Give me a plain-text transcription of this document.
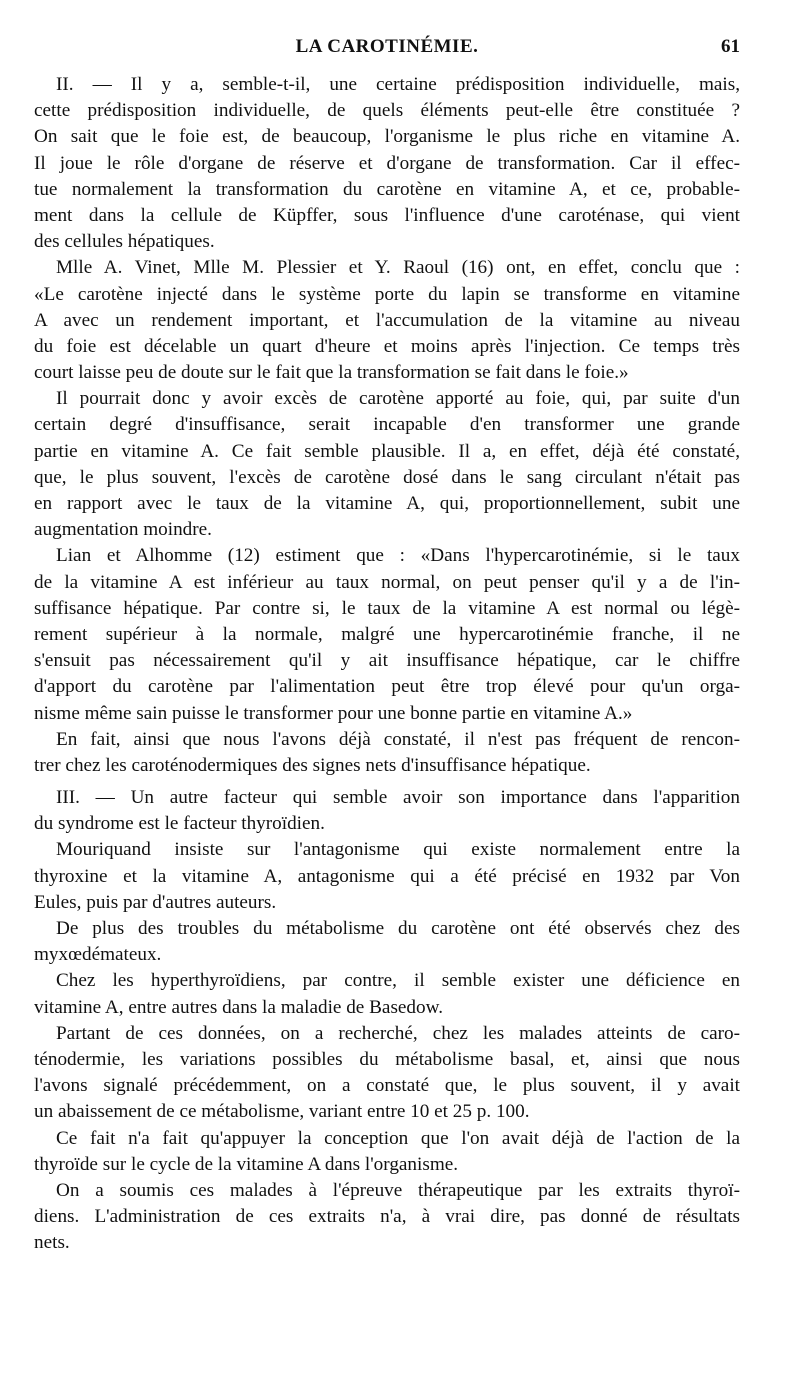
LA CAROTINÉMIE.	61
II. — Il y a, semble-t-il, une certaine prédisposition individuelle, mais,
cette prédisposition individuelle, de quels éléments peut-elle être constituée ?
On sait que le foie est, de beaucoup, l'organisme le plus riche en vitamine A.
Il joue le rôle d'organe de réserve et d'organe de transformation. Car il effec-
tue normalement la transformation du carotène en vitamine A, et ce, probable-
ment dans la cellule de Küpffer, sous l'influence d'une caroténase, qui vient
des cellules hépatiques.
Mlle A. Vinet, Mlle M. Plessier et Y. Raoul (16) ont, en effet, conclu que :
«Le carotène injecté dans le système porte du lapin se transforme en vitamine
A avec un rendement important, et l'accumulation de la vitamine au niveau
du foie est décelable un quart d'heure et moins après l'injection. Ce temps très
court laisse peu de doute sur le fait que la transformation se fait dans le foie.»
Il pourrait donc y avoir excès de carotène apporté au foie, qui, par suite d'un
certain degré d'insuffisance, serait incapable d'en transformer une grande
partie en vitamine A. Ce fait semble plausible. Il a, en effet, déjà été constaté,
que, le plus souvent, l'excès de carotène dosé dans le sang circulant n'était pas
en rapport avec le taux de la vitamine A, qui, proportionnellement, subit une
augmentation moindre.
Lian et Alhomme (12) estiment que : «Dans l'hypercarotinémie, si le taux
de la vitamine A est inférieur au taux normal, on peut penser qu'il y a de l'in-
suffisance hépatique. Par contre si, le taux de la vitamine A est normal ou légè-
rement supérieur à la normale, malgré une hypercarotinémie franche, il ne
s'ensuit pas nécessairement qu'il y ait insuffisance hépatique, car le chiffre
d'apport du carotène par l'alimentation peut être trop élevé pour qu'un orga-
nisme même sain puisse le transformer pour une bonne partie en vitamine A.»
En fait, ainsi que nous l'avons déjà constaté, il n'est pas fréquent de rencon-
trer chez les caroténodermiques des signes nets d'insuffisance hépatique.
III. — Un autre facteur qui semble avoir son importance dans l'apparition
du syndrome est le facteur thyroïdien.
Mouriquand insiste sur l'antagonisme qui existe normalement entre la
thyroxine et la vitamine A, antagonisme qui a été précisé en 1932 par Von
Eules, puis par d'autres auteurs.
De plus des troubles du métabolisme du carotène ont été observés chez des
myxœdémateux.
Chez les hyperthyroïdiens, par contre, il semble exister une déficience en
vitamine A, entre autres dans la maladie de Basedow.
Partant de ces données, on a recherché, chez les malades atteints de caro-
ténodermie, les variations possibles du métabolisme basal, et, ainsi que nous
l'avons signalé précédemment, on a constaté que, le plus souvent, il y avait
un abaissement de ce métabolisme, variant entre 10 et 25 p. 100.
Ce fait n'a fait qu'appuyer la conception que l'on avait déjà de l'action de la
thyroïde sur le cycle de la vitamine A dans l'organisme.
On a soumis ces malades à l'épreuve thérapeutique par les extraits thyroï-
diens. L'administration de ces extraits n'a, à vrai dire, pas donné de résultats
nets.
